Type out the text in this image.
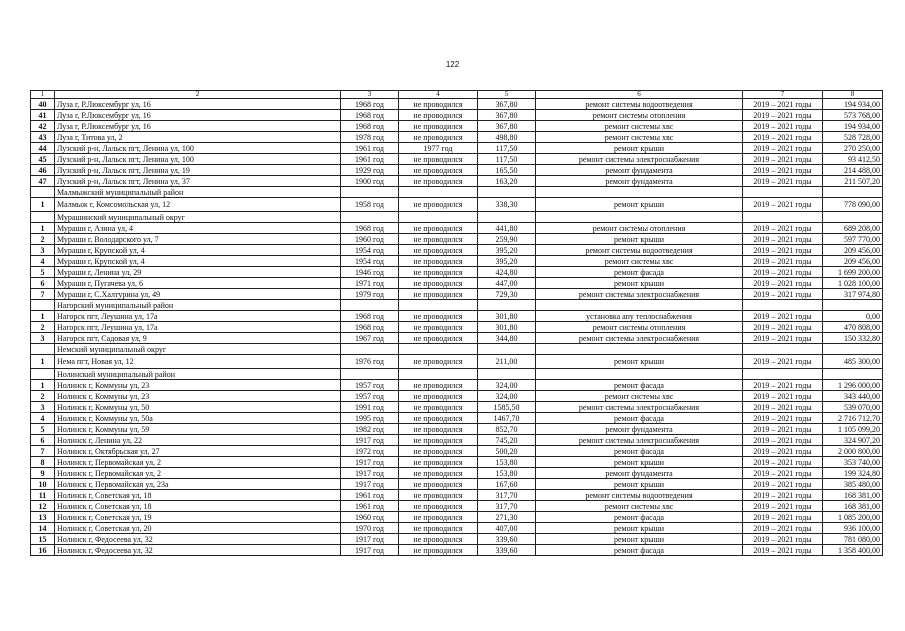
122
1	2	3	4	5	6	7	8
40	Луза г, Р.Люксембург ул, 16	1968 год	не проводился	367,80	ремонт системы водоотведения	2019 – 2021 годы	194 934,00
41	Луза г, Р.Люксембург ул, 16	1968 год	не проводился	367,80	ремонт системы отопления	2019 – 2021 годы	573 768,00
42	Луза г, Р.Люксембург ул, 16	1968 год	не проводился	367,80	ремонт системы хвс	2019 – 2021 годы	194 934,00
43	Луза г, Титова ул, 2	1978 год	не проводился	498,80	ремонт системы хвс	2019 – 2021 годы	528 728,00
44	Лузский р-н, Лальск пгт, Ленина ул, 100	1961 год	1977 год	117,50	ремонт крыши	2019 – 2021 годы	270 250,00
45	Лузский р-н, Лальск пгт, Ленина ул, 100	1961 год	не проводился	117,50	ремонт системы электроснабжения	2019 – 2021 годы	93 412,50
46	Лузский р-н, Лальск пгт, Ленина ул, 19	1929 год	не проводился	165,50	ремонт фундамента	2019 – 2021 годы	214 488,00
47	Лузский р-н, Лальск пгт, Ленина ул, 37	1900 год	не проводился	163,20	ремонт фундамента	2019 – 2021 годы	211 507,20
	Малмыжский муниципальный район						
1	Малмыж г, Комсомольская ул, 12	1958 год	не проводился	338,30	ремонт крыши	2019 – 2021 годы	778 090,00
	Мурашинский муниципальный округ						
1	Мураши г, Азина ул, 4	1968 год	не проводился	441,80	ремонт системы отопления	2019 – 2021 годы	689 208,00
2	Мураши г, Володарского ул, 7	1960 год	не проводился	259,90	ремонт крыши	2019 – 2021 годы	597 770,00
3	Мураши г, Крупской ул, 4	1954 год	не проводился	395,20	ремонт системы водоотведения	2019 – 2021 годы	209 456,00
4	Мураши г, Крупской ул, 4	1954 год	не проводился	395,20	ремонт системы хвс	2019 – 2021 годы	209 456,00
5	Мураши г, Ленина ул, 29	1946 год	не проводился	424,80	ремонт фасада	2019 – 2021 годы	1 699 200,00
6	Мураши г, Пугачева ул, 6	1971 год	не проводился	447,00	ремонт крыши	2019 – 2021 годы	1 028 100,00
7	Мураши г, С.Халтурина ул, 49	1979 год	не проводился	729,30	ремонт системы электроснабжения	2019 – 2021 годы	317 974,80
	Нагорский муниципальный район						
1	Нагорск пгт, Леушина ул, 17а	1968 год	не проводился	301,80	установка апу теплоснабжения	2019 – 2021 годы	0,00
2	Нагорск пгт, Леушина ул, 17а	1968 год	не проводился	301,80	ремонт системы отопления	2019 – 2021 годы	470 808,00
3	Нагорск пгт, Садовая ул, 9	1967 год	не проводился	344,80	ремонт системы электроснабжения	2019 – 2021 годы	150 332,80
	Немский муниципальный округ						
1	Нема пгт, Новая ул, 12	1976 год	не проводился	211,00	ремонт крыши	2019 – 2021 годы	485 300,00
	Нолинский муниципальный район						
1	Нолинск г, Коммуны ул, 23	1957 год	не проводился	324,00	ремонт фасада	2019 – 2021 годы	1 296 000,00
2	Нолинск г, Коммуны ул, 23	1957 год	не проводился	324,00	ремонт системы хвс	2019 – 2021 годы	343 440,00
3	Нолинск г, Коммуны ул, 50	1991 год	не проводился	1585,50	ремонт системы электроснабжения	2019 – 2021 годы	539 070,00
4	Нолинск г, Коммуны ул, 50а	1995 год	не проводился	1467,70	ремонт фасада	2019 – 2021 годы	2 716 712,70
5	Нолинск г, Коммуны ул, 59	1982 год	не проводился	852,70	ремонт фундамента	2019 – 2021 годы	1 105 099,20
6	Нолинск г, Ленина ул, 22	1917 год	не проводился	745,20	ремонт системы электроснабжения	2019 – 2021 годы	324 907,20
7	Нолинск г, Октябрьская ул, 27	1972 год	не проводился	500,20	ремонт фасада	2019 – 2021 годы	2 000 800,00
8	Нолинск г, Первомайская ул, 2	1917 год	не проводился	153,80	ремонт крыши	2019 – 2021 годы	353 740,00
9	Нолинск г, Первомайская ул, 2	1917 год	не проводился	153,80	ремонт фундамента	2019 – 2021 годы	199 324,80
10	Нолинск г, Первомайская ул, 23а	1917 год	не проводился	167,60	ремонт крыши	2019 – 2021 годы	385 480,00
11	Нолинск г, Советская ул, 18	1961 год	не проводился	317,70	ремонт системы водоотведения	2019 – 2021 годы	168 381,00
12	Нолинск г, Советская ул, 18	1961 год	не проводился	317,70	ремонт системы хвс	2019 – 2021 годы	168 381,00
13	Нолинск г, Советская ул, 19	1960 год	не проводился	271,30	ремонт фасада	2019 – 2021 годы	1 085 200,00
14	Нолинск г, Советская ул, 20	1970 год	не проводился	407,00	ремонт крыши	2019 – 2021 годы	936 100,00
15	Нолинск г, Федосеева ул, 32	1917 год	не проводился	339,60	ремонт крыши	2019 – 2021 годы	781 080,00
16	Нолинск г, Федосеева ул, 32	1917 год	не проводился	339,60	ремонт фасада	2019 – 2021 годы	1 358 400,00
